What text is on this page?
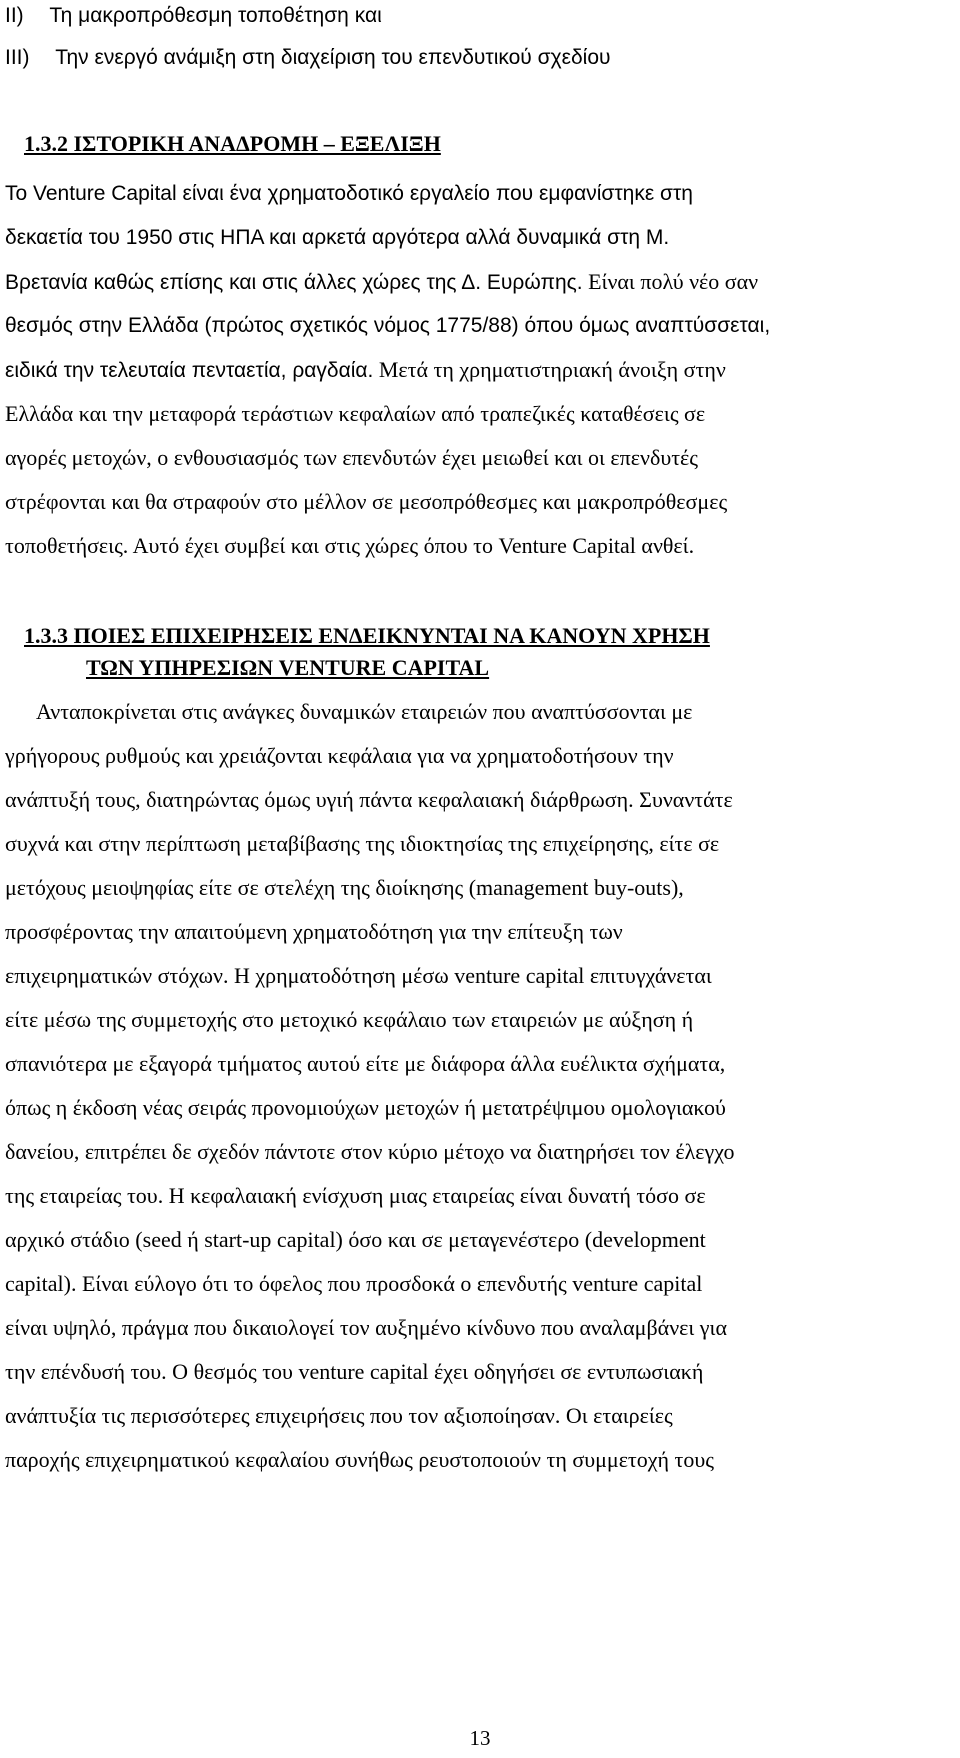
II) Τη μακροπρόθεσμη τοποθέτηση και
III) Την ενεργό ανάμιξη στη διαχείριση του επενδυτικού σχεδίου
1.3.2 ΙΣΤΟΡΙΚΗ ΑΝΑΔΡΟΜΗ – ΕΞΕΛΙΞΗ
Το Venture Capital είναι ένα χρηματοδοτικό εργαλείο που εμφανίστηκε στη
δεκαετία του 1950 στις ΗΠΑ και αρκετά αργότερα αλλά δυναμικά στη Μ.
Βρετανία καθώς επίσης και στις άλλες χώρες της Δ. Ευρώπης. Είναι πολύ νέο σαν
θεσμός στην Ελλάδα (πρώτος σχετικός νόμος 1775/88) όπου όμως αναπτύσσεται,
ειδικά την τελευταία πενταετία, ραγδαία. Μετά τη χρηματιστηριακή άνοιξη στην
Ελλάδα και την μεταφορά τεράστιων κεφαλαίων από τραπεζικές καταθέσεις σε
αγορές μετοχών, ο ενθουσιασμός των επενδυτών έχει μειωθεί και οι επενδυτές
στρέφονται και θα στραφούν στο μέλλον σε μεσοπρόθεσμες και μακροπρόθεσμες
τοποθετήσεις. Αυτό έχει συμβεί και στις χώρες όπου το Venture Capital ανθεί.
1.3.3 ΠΟΙΕΣ ΕΠΙΧΕΙΡΗΣΕΙΣ ΕΝΔΕΙΚΝΥΝΤΑΙ ΝΑ ΚΑΝΟΥΝ ΧΡΗΣΗ
ΤΩΝ ΥΠΗΡΕΣΙΩΝ VENTURE CAPITAL
Ανταποκρίνεται στις ανάγκες δυναμικών εταιρειών που αναπτύσσονται με
γρήγορους ρυθμούς και χρειάζονται κεφάλαια για να χρηματοδοτήσουν την
ανάπτυξή τους, διατηρώντας όμως υγιή πάντα κεφαλαιακή διάρθρωση. Συναντάτε
συχνά και στην περίπτωση μεταβίβασης της ιδιοκτησίας της επιχείρησης, είτε σε
μετόχους μειοψηφίας είτε σε στελέχη της διοίκησης (management buy-outs),
προσφέροντας την απαιτούμενη χρηματοδότηση για την επίτευξη των
επιχειρηματικών στόχων. Η χρηματοδότηση μέσω venture capital επιτυγχάνεται
είτε μέσω της συμμετοχής στο μετοχικό κεφάλαιο των εταιρειών με αύξηση ή
σπανιότερα με εξαγορά τμήματος αυτού είτε με διάφορα άλλα ευέλικτα σχήματα,
όπως η έκδοση νέας σειράς προνομιούχων μετοχών ή μετατρέψιμου ομολογιακού
δανείου, επιτρέπει δε σχεδόν πάντοτε στον κύριο μέτοχο να διατηρήσει τον έλεγχο
της εταιρείας του. Η κεφαλαιακή ενίσχυση μιας εταιρείας είναι δυνατή τόσο σε
αρχικό στάδιο (seed ή start-up capital) όσο και σε μεταγενέστερο (development
capital). Είναι εύλογο ότι το όφελος που προσδοκά ο επενδυτής venture capital
είναι υψηλό, πράγμα που δικαιολογεί τον αυξημένο κίνδυνο που αναλαμβάνει για
την επένδυσή του. Ο θεσμός του venture capital έχει οδηγήσει σε εντυπωσιακή
ανάπτυξία τις περισσότερες επιχειρήσεις που τον αξιοποίησαν. Οι εταιρείες
παροχής επιχειρηματικού κεφαλαίου συνήθως ρευστοποιούν τη συμμετοχή τους
13
